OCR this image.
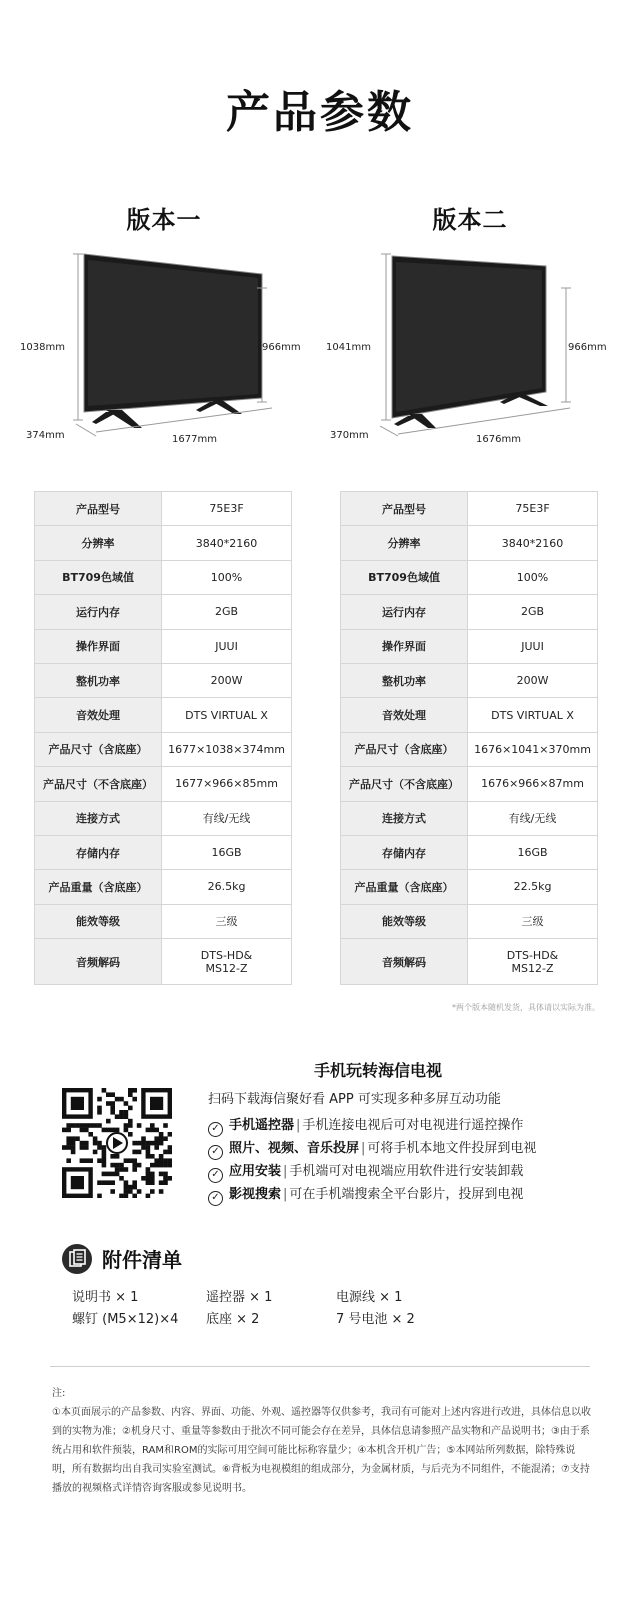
产品参数
版本一
1038mm	966mm
374mm	1677mm
产品型号	75E3F
分辨率	3840*2160
BT709色域值	100%
运行内存	2GB
操作界面	JUUI
整机功率	200W
音效处理	DTS VIRTUAL X
产品尺寸（含底座）	1677×1038×374mm
产品尺寸（不含底座）	1677×966×85mm
连接方式	有线/无线
存储内存	16GB
产品重量（含底座）	26.5kg
能效等级	三级
音频解码	DTS-HD&
MS12-Z
版本二
1041mm	966mm
370mm	1676mm
产品型号	75E3F
分辨率	3840*2160
BT709色域值	100%
运行内存	2GB
操作界面	JUUI
整机功率	200W
音效处理	DTS VIRTUAL X
产品尺寸（含底座）	1676×1041×370mm
产品尺寸（不含底座）	1676×966×87mm
连接方式	有线/无线
存储内存	16GB
产品重量（含底座）	22.5kg
能效等级	三级
音频解码	DTS-HD&
MS12-Z
*两个版本随机发货，具体请以实际为准。
手机玩转海信电视
扫码下载海信聚好看 APP 可实现多种多屏互动功能
✓ 手机遥控器 | 手机连接电视后可对电视进行遥控操作
✓ 照片、视频、音乐投屏 | 可将手机本地文件投屏到电视
✓ 应用安装 | 手机端可对电视端应用软件进行安装卸载
✓ 影视搜索 | 可在手机端搜索全平台影片，投屏到电视
附件清单
说明书 × 1	遥控器 × 1	电源线 × 1
螺钉 (M5×12)×4 底座 × 2	7 号电池 × 2
注:
①本页面展示的产品参数、内容、界面、功能、外观、遥控器等仅供参考，我司有可能对上述内容进行改进，具体信息以收到的实物为准；②机身尺寸、重量等参数由于批次不同可能会存在差异，具体信息请参照产品实物和产品说明书；③由于系统占用和软件预装，RAM和ROM的实际可用空间可能比标称容量少；④本机含开机广告；⑤本网站所列数据，除特殊说明，所有数据均出自我司实验室测试。⑥背板为电视模组的组成部分，为金属材质，与后壳为不同组件，不能混淆；⑦支持播放的视频格式详情咨询客服或参见说明书。
